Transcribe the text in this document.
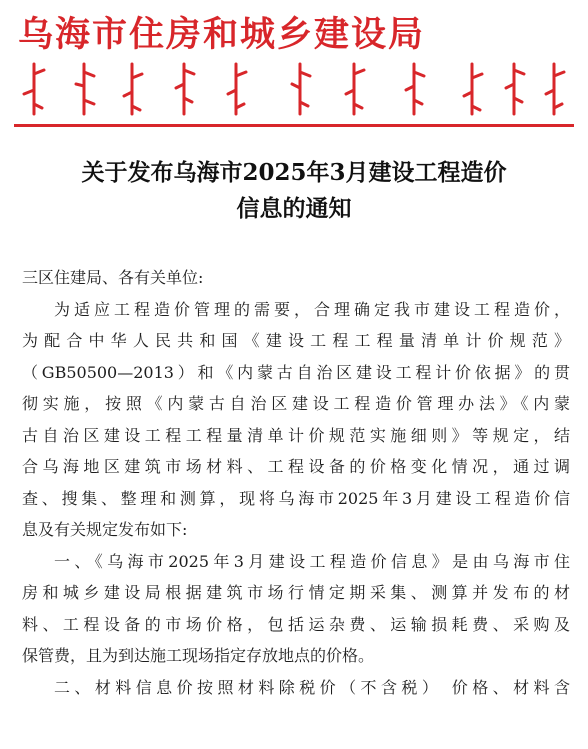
乌海市住房和城乡建设局
关于发布乌海市2025年3月建设工程造价
信息的通知
三区住建局、各有关单位:
为适应工程造价管理的需要，合理确定我市建设工程造价，
为配合中华人民共和国《建设工程工程量清单计价规范》
（GB50500—2013）和《内蒙古自治区建设工程计价依据》的贯
彻实施，按照《内蒙古自治区建设工程造价管理办法》《内蒙
古自治区建设工程工程量清单计价规范实施细则》等规定，结
合乌海地区建筑市场材料、工程设备的价格变化情况，通过调
查、搜集、整理和测算，现将乌海市2025年3月建设工程造价信
息及有关规定发布如下:
一、《乌海市2025年3月建设工程造价信息》是由乌海市住
房和城乡建设局根据建筑市场行情定期采集、测算并发布的材
料、工程设备的市场价格，包括运杂费、运输损耗费、采购及
保管费，且为到达施工现场指定存放地点的价格。
二、材料信息价按照材料除税价（不含税） 价格、材料含
